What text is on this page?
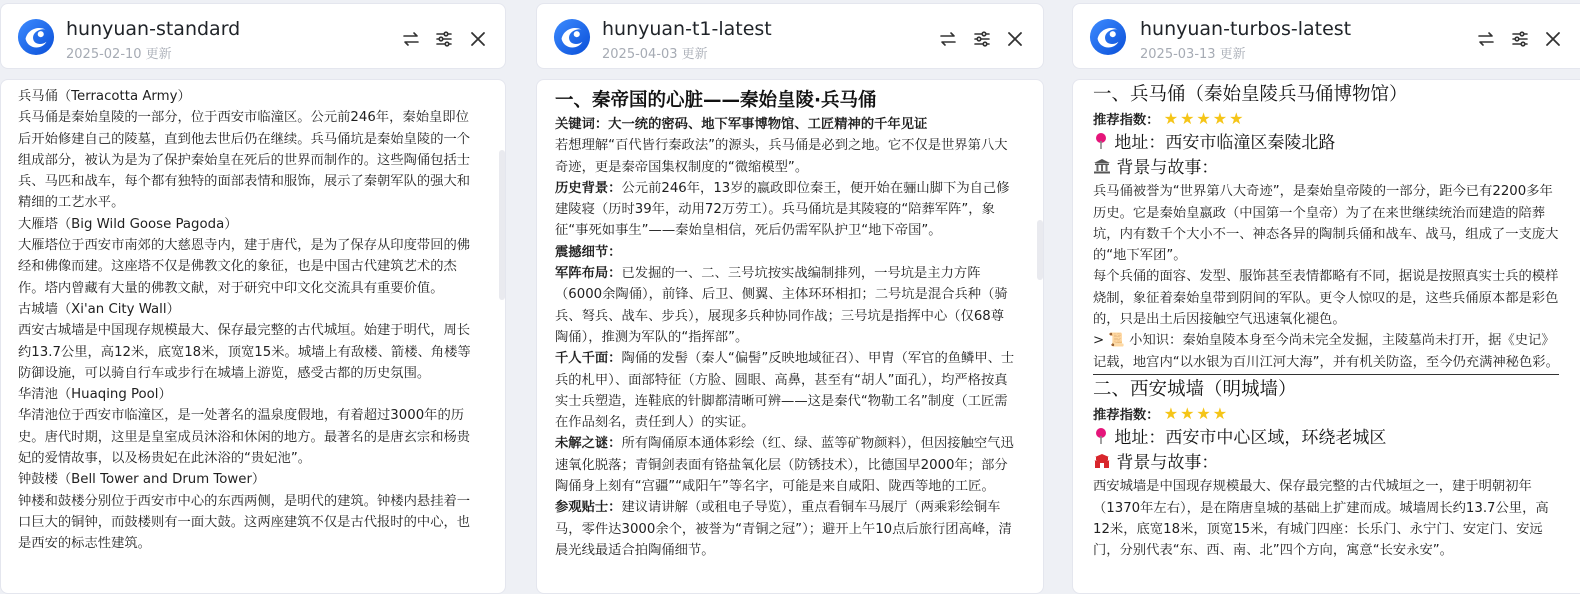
hunyuan-standard
2025-02-10 更新
兵马俑（Terracotta Army）
兵马俑是秦始皇陵的一部分，位于西安市临潼区。公元前246年，秦始皇即位后开始修建自己的陵墓，直到他去世后仍在继续。兵马俑坑是秦始皇陵的一个组成部分，被认为是为了保护秦始皇在死后的世界而制作的。这些陶俑包括士兵、马匹和战车，每个都有独特的面部表情和服饰，展示了秦朝军队的强大和精细的工艺水平。
大雁塔（Big Wild Goose Pagoda）
大雁塔位于西安市南郊的大慈恩寺内，建于唐代，是为了保存从印度带回的佛经和佛像而建。这座塔不仅是佛教文化的象征，也是中国古代建筑艺术的杰作。塔内曾藏有大量的佛教文献，对于研究中印文化交流具有重要价值。
古城墙（Xi'an City Wall）
西安古城墙是中国现存规模最大、保存最完整的古代城垣。始建于明代，周长约13.7公里，高12米，底宽18米，顶宽15米。城墙上有敌楼、箭楼、角楼等防御设施，可以骑自行车或步行在城墙上游览，感受古都的历史氛围。
华清池（Huaqing Pool）
华清池位于西安市临潼区，是一处著名的温泉度假地，有着超过3000年的历史。唐代时期，这里是皇室成员沐浴和休闲的地方。最著名的是唐玄宗和杨贵妃的爱情故事，以及杨贵妃在此沐浴的“贵妃池”。
钟鼓楼（Bell Tower and Drum Tower）
钟楼和鼓楼分别位于西安市中心的东西两侧，是明代的建筑。钟楼内悬挂着一口巨大的铜钟，而鼓楼则有一面大鼓。这两座建筑不仅是古代报时的中心，也是西安的标志性建筑。
hunyuan-t1-latest
2025-04-03 更新
一、秦帝国的心脏——秦始皇陵·兵马俑
关键词：大一统的密码、地下军事博物馆、工匠精神的千年见证
若想理解“百代皆行秦政法”的源头，兵马俑是必到之地。它不仅是世界第八大奇迹，更是秦帝国集权制度的“微缩模型”。
历史背景：公元前246年，13岁的嬴政即位秦王，便开始在骊山脚下为自己修建陵寝（历时39年，动用72万劳工）。兵马俑坑是其陵寝的“陪葬军阵”，象征“事死如事生”——秦始皇相信，死后仍需军队护卫“地下帝国”。
震撼细节：
军阵布局：已发掘的一、二、三号坑按实战编制排列，一号坑是主力方阵（6000余陶俑），前锋、后卫、侧翼、主体环环相扣；二号坑是混合兵种（骑兵、弩兵、战车、步兵），展现多兵种协同作战；三号坑是指挥中心（仅68尊陶俑），推测为军队的“指挥部”。
千人千面：陶俑的发髻（秦人“偏髻”反映地域征召）、甲胄（军官的鱼鳞甲、士兵的札甲）、面部特征（方脸、圆眼、高鼻，甚至有“胡人”面孔），均严格按真实士兵塑造，连鞋底的针脚都清晰可辨——这是秦代“物勒工名”制度（工匠需在作品刻名，责任到人）的实证。
未解之谜：所有陶俑原本通体彩绘（红、绿、蓝等矿物颜料），但因接触空气迅速氧化脱落；青铜剑表面有铬盐氧化层（防锈技术），比德国早2000年；部分陶俑身上刻有“宫疆”“咸阳午”等名字，可能是来自咸阳、陇西等地的工匠。
参观贴士：建议请讲解（或租电子导览），重点看铜车马展厅（两乘彩绘铜车马，零件达3000余个，被誉为“青铜之冠”）；避开上午10点后旅行团高峰，清晨光线最适合拍陶俑细节。
hunyuan-turbos-latest
2025-03-13 更新
一、兵马俑（秦始皇陵兵马俑博物馆）
推荐指数： ★★★★★
地址：西安市临潼区秦陵北路
背景与故事：
兵马俑被誉为“世界第八大奇迹”，是秦始皇帝陵的一部分，距今已有2200多年历史。它是秦始皇嬴政（中国第一个皇帝）为了在来世继续统治而建造的陪葬坑，内有数千个大小不一、神态各异的陶制兵俑和战车、战马，组成了一支庞大的“地下军团”。
每个兵俑的面容、发型、服饰甚至表情都略有不同，据说是按照真实士兵的模样烧制，象征着秦始皇带到阴间的军队。更令人惊叹的是，这些兵俑原本都是彩色的，只是出土后因接触空气迅速氧化褪色。
> 📜 小知识：秦始皇陵本身至今尚未完全发掘，主陵墓尚未打开，据《史记》记载，地宫内“以水银为百川江河大海”，并有机关防盗，至今仍充满神秘色彩。
二、西安城墙（明城墙）
推荐指数： ★★★★
地址：西安市中心区域，环绕老城区
背景与故事：
西安城墙是中国现存规模最大、保存最完整的古代城垣之一，建于明朝初年（1370年左右），是在隋唐皇城的基础上扩建而成。城墙周长约13.7公里，高12米，底宽18米，顶宽15米，有城门四座：长乐门、永宁门、安定门、安远门，分别代表“东、西、南、北”四个方向，寓意“长安永安”。
